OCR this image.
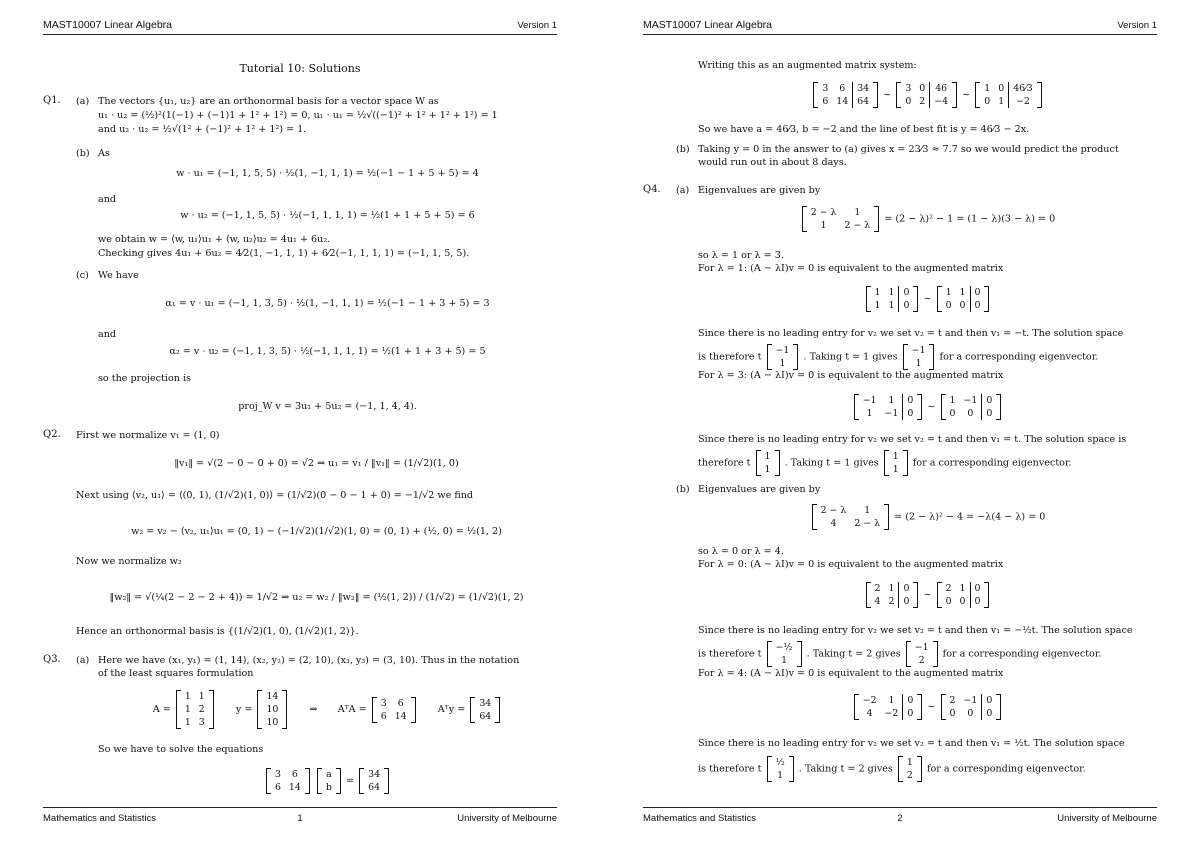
MAST10007 Linear Algebra	Version 1
Tutorial 10: Solutions
Q1. (a) The vectors {u₁, u₂} are an orthonormal basis for a vector space W as
u₁ · u₂ = (½)²(1(−1) + (−1)1 + 1² + 1²) = 0, u₁ · u₁ = ½√((−1)² + 1² + 1² + 1²) = 1
and u₂ · u₂ = ½√(1² + (−1)² + 1² + 1²) = 1.
(b) As
w · u₁ = (−1, 1, 5, 5) · ½(1, −1, 1, 1) = ½(−1 − 1 + 5 + 5) = 4
and
w · u₂ = (−1, 1, 5, 5) · ½(−1, 1, 1, 1) = ½(1 + 1 + 5 + 5) = 6
we obtain w = ⟨w, u₁⟩u₁ + ⟨w, u₂⟩u₂ = 4u₁ + 6u₂.
Checking gives 4u₁ + 6u₂ = 4⁄2(1, −1, 1, 1) + 6⁄2(−1, 1, 1, 1) = (−1, 1, 5, 5).
(c) We have
α₁ = v · u₁ = (−1, 1, 3, 5) · ½(1, −1, 1, 1) = ½(−1 − 1 + 3 + 5) = 3
and
α₂ = v · u₂ = (−1, 1, 3, 5) · ½(−1, 1, 1, 1) = ½(1 + 1 + 3 + 5) = 5
so the projection is
proj_W v = 3u₁ + 5u₂ = (−1, 1, 4, 4).
Q2. First we normalize v₁ = (1, 0)
‖v₁‖ = √(2 − 0 − 0 + 0) = √2 ⇒ u₁ = v₁ / ‖v₁‖ = (1/√2)(1, 0)
Next using ⟨v₂, u₁⟩ = ⟨(0, 1), (1/√2)(1, 0)⟩ = (1/√2)(0 − 0 − 1 + 0) = −1/√2 we find
w₂ = v₂ − ⟨v₂, u₁⟩u₁ = (0, 1) − (−1/√2)(1/√2)(1, 0) = (0, 1) + (½, 0) = ½(1, 2)
Now we normalize w₂
‖w₂‖ = √(¼(2 − 2 − 2 + 4)) = 1/√2 ⇒ u₂ = w₂ / ‖w₂‖ = (½(1, 2)) / (1/√2) = (1/√2)(1, 2)
Hence an orthonormal basis is {(1/√2)(1, 0), (1/√2)(1, 2)}.
Q3. (a) Here we have (x₁, y₁) = (1, 14), (x₂, y₂) = (2, 10), (x₃, y₃) = (3, 10). Thus in the notation
of the least squares formulation
A =
1	1
1	2
1	3
y =
14
10
10
⇒ AᵀA =
3	6
6	14
Aᵀy =
34
64
So we have to solve the equations
3	6
6	14

a
b
=
34
64
Mathematics and Statistics	1	University of Melbourne
MAST10007 Linear Algebra	Version 1
Writing this as an augmented matrix system:
3	6	34
6	14	64
∼
3	0	46
0	2	−4
∼
1	0	46⁄3
0	1	−2
So we have a = 46⁄3, b = −2 and the line of best fit is y = 46⁄3 − 2x.
(b) Taking y = 0 in the answer to (a) gives x = 23⁄3 ≈ 7.7 so we would predict the product
would run out in about 8 days.
Q4. (a) Eigenvalues are given by
2 − λ	1
1	2 − λ
= (2 − λ)² − 1 = (1 − λ)(3 − λ) = 0
so λ = 1 or λ = 3.
For λ = 1: (A − λI)v = 0 is equivalent to the augmented matrix
1	1	0
1	1	0
∼
1	1	0
0	0	0
Since there is no leading entry for v₂ we set v₂ = t and then v₁ = −t. The solution space
is therefore t
−1
1
. Taking t = 1 gives
−1
1
for a corresponding eigenvector.
For λ = 3: (A − λI)v = 0 is equivalent to the augmented matrix
−1	1	0
1	−1	0
∼
1	−1	0
0	0	0
Since there is no leading entry for v₂ we set v₂ = t and then v₁ = t. The solution space is
therefore t
1
1
. Taking t = 1 gives
1
1
for a corresponding eigenvector.
(b) Eigenvalues are given by
2 − λ	1
4	2 − λ
= (2 − λ)² − 4 = −λ(4 − λ) = 0
so λ = 0 or λ = 4.
For λ = 0: (A − λI)v = 0 is equivalent to the augmented matrix
2	1	0
4	2	0
∼
2	1	0
0	0	0
Since there is no leading entry for v₂ we set v₂ = t and then v₁ = −½t. The solution space
is therefore t
−½
1
. Taking t = 2 gives
−1
2
for a corresponding eigenvector.
For λ = 4: (A − λI)v = 0 is equivalent to the augmented matrix
−2	1	0
4	−2	0
∼
2	−1	0
0	0	0
Since there is no leading entry for v₂ we set v₂ = t and then v₁ = ½t. The solution space
is therefore t
½
1
. Taking t = 2 gives
1
2
for a corresponding eigenvector.
Mathematics and Statistics	2	University of Melbourne
